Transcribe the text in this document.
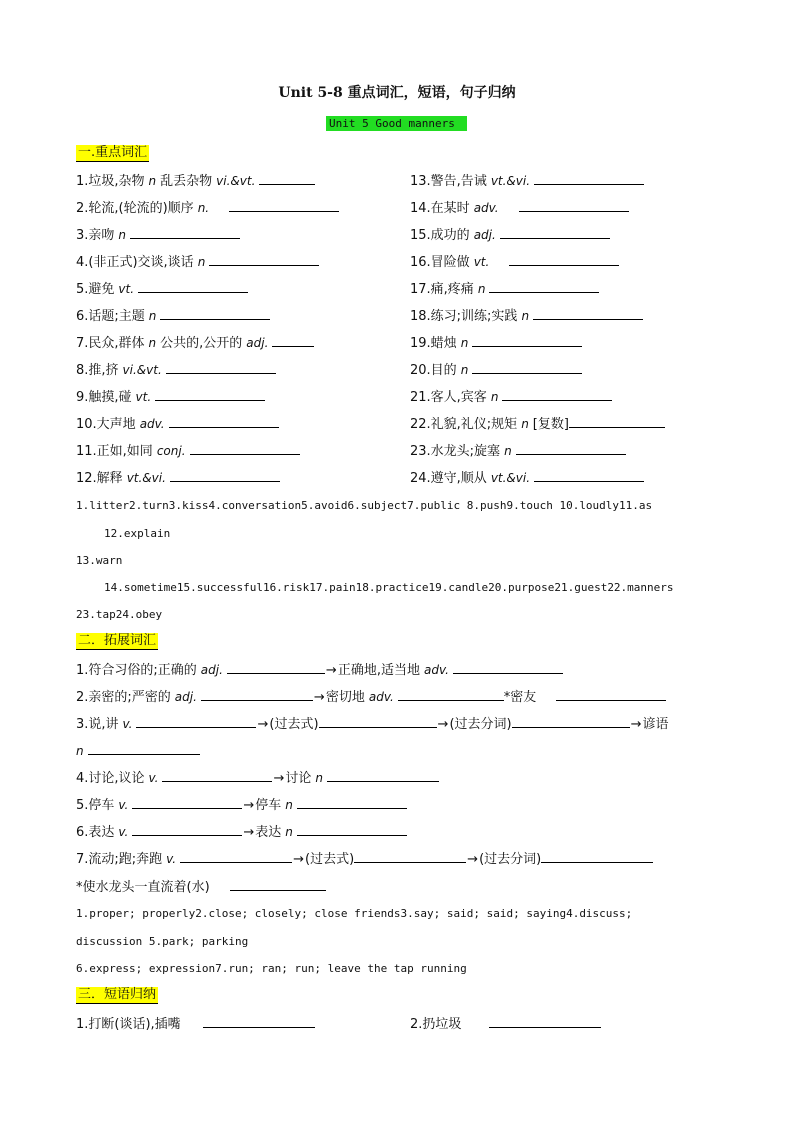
Unit 5-8 重点词汇，短语，句子归纳
Unit 5 Good manners
一.重点词汇
1.垃圾,杂物 n 乱丢杂物 vi.&vt.
2.轮流,(轮流的)顺序 n.
3.亲吻 n
4.(非正式)交谈,谈话 n
5.避免 vt.
6.话题;主题 n
7.民众,群体 n 公共的,公开的 adj.
8.推,挤 vi.&vt.
9.触摸,碰 vt.
10.大声地 adv.
11.正如,如同 conj.
12.解释 vt.&vi.
13.警告,告诫 vt.&vi.
14.在某时 adv.
15.成功的 adj.
16.冒险做 vt.
17.痛,疼痛 n
18.练习;训练;实践 n
19.蜡烛 n
20.目的 n
21.客人,宾客 n
22.礼貌,礼仪;规矩 n [复数]
23.水龙头;旋塞 n
24.遵守,顺从 vt.&vi.
1.litter2.turn3.kiss4.conversation5.avoid6.subject7.public 8.push9.touch 10.loudly11.as
12.explain
13.warn
14.sometime15.successful16.risk17.pain18.practice19.candle20.purpose21.guest22.manners
23.tap24.obey
二．拓展词汇
1.符合习俗的;正确的 adj.	→正确地,适当地 adv.
2.亲密的;严密的 adj.	→密切地 adv.	*密友
3.说,讲 v.	→(过去式)	→(过去分词)	→谚语
n
4.讨论,议论 v.	→讨论 n
5.停车 v.	→停车 n
6.表达 v.	→表达 n
7.流动;跑;奔跑 v.	→(过去式)	→(过去分词)
*使水龙头一直流着(水)
1.proper; properly2.close; closely; close friends3.say; said; said; saying4.discuss;
discussion 5.park; parking
6.express; expression7.run; ran; run; leave the tap running
三．短语归纳
1.打断(谈话),插嘴	2.扔垃圾
